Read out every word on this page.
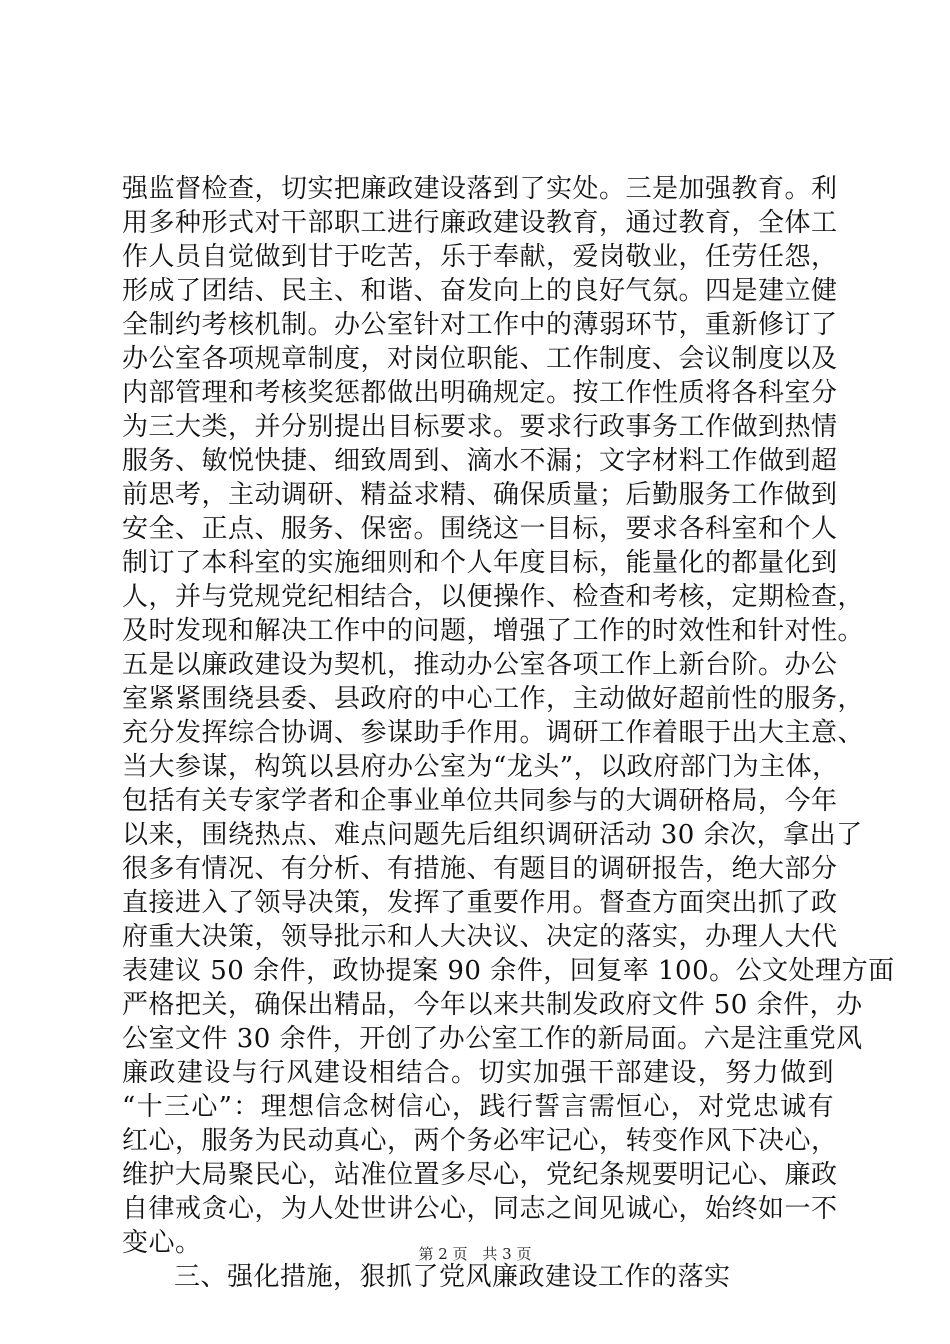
强监督检查，切实把廉政建设落到了实处。三是加强教育。利
用多种形式对干部职工进行廉政建设教育，通过教育，全体工
作人员自觉做到甘于吃苦，乐于奉献，爱岗敬业，任劳任怨，
形成了团结、民主、和谐、奋发向上的良好气氛。四是建立健
全制约考核机制。办公室针对工作中的薄弱环节，重新修订了
办公室各项规章制度，对岗位职能、工作制度、会议制度以及
内部管理和考核奖惩都做出明确规定。按工作性质将各科室分
为三大类，并分别提出目标要求。要求行政事务工作做到热情
服务、敏悦快捷、细致周到、滴水不漏；文字材料工作做到超
前思考，主动调研、精益求精、确保质量；后勤服务工作做到
安全、正点、服务、保密。围绕这一目标，要求各科室和个人
制订了本科室的实施细则和个人年度目标，能量化的都量化到
人，并与党规党纪相结合，以便操作、检查和考核，定期检查，
及时发现和解决工作中的问题，增强了工作的时效性和针对性。
五是以廉政建设为契机，推动办公室各项工作上新台阶。办公
室紧紧围绕县委、县政府的中心工作，主动做好超前性的服务，
充分发挥综合协调、参谋助手作用。调研工作着眼于出大主意、
当大参谋，构筑以县府办公室为“龙头”，以政府部门为主体，
包括有关专家学者和企事业单位共同参与的大调研格局，今年
以来，围绕热点、难点问题先后组织调研活动 30 余次，拿出了
很多有情况、有分析、有措施、有题目的调研报告，绝大部分
直接进入了领导决策，发挥了重要作用。督查方面突出抓了政
府重大决策，领导批示和人大决议、决定的落实，办理人大代
表建议 50 余件，政协提案 90 余件，回复率 100。公文处理方面
严格把关，确保出精品，今年以来共制发政府文件 50 余件，办
公室文件 30 余件，开创了办公室工作的新局面。六是注重党风
廉政建设与行风建设相结合。切实加强干部建设，努力做到
“十三心”：理想信念树信心，践行誓言需恒心，对党忠诚有
红心，服务为民动真心，两个务必牢记心，转变作风下决心，
维护大局聚民心，站准位置多尽心，党纪条规要明记心、廉政
自律戒贪心，为人处世讲公心，同志之间见诚心，始终如一不
变心。
三、强化措施，狠抓了党风廉政建设工作的落实
第 2 页 共 3 页
